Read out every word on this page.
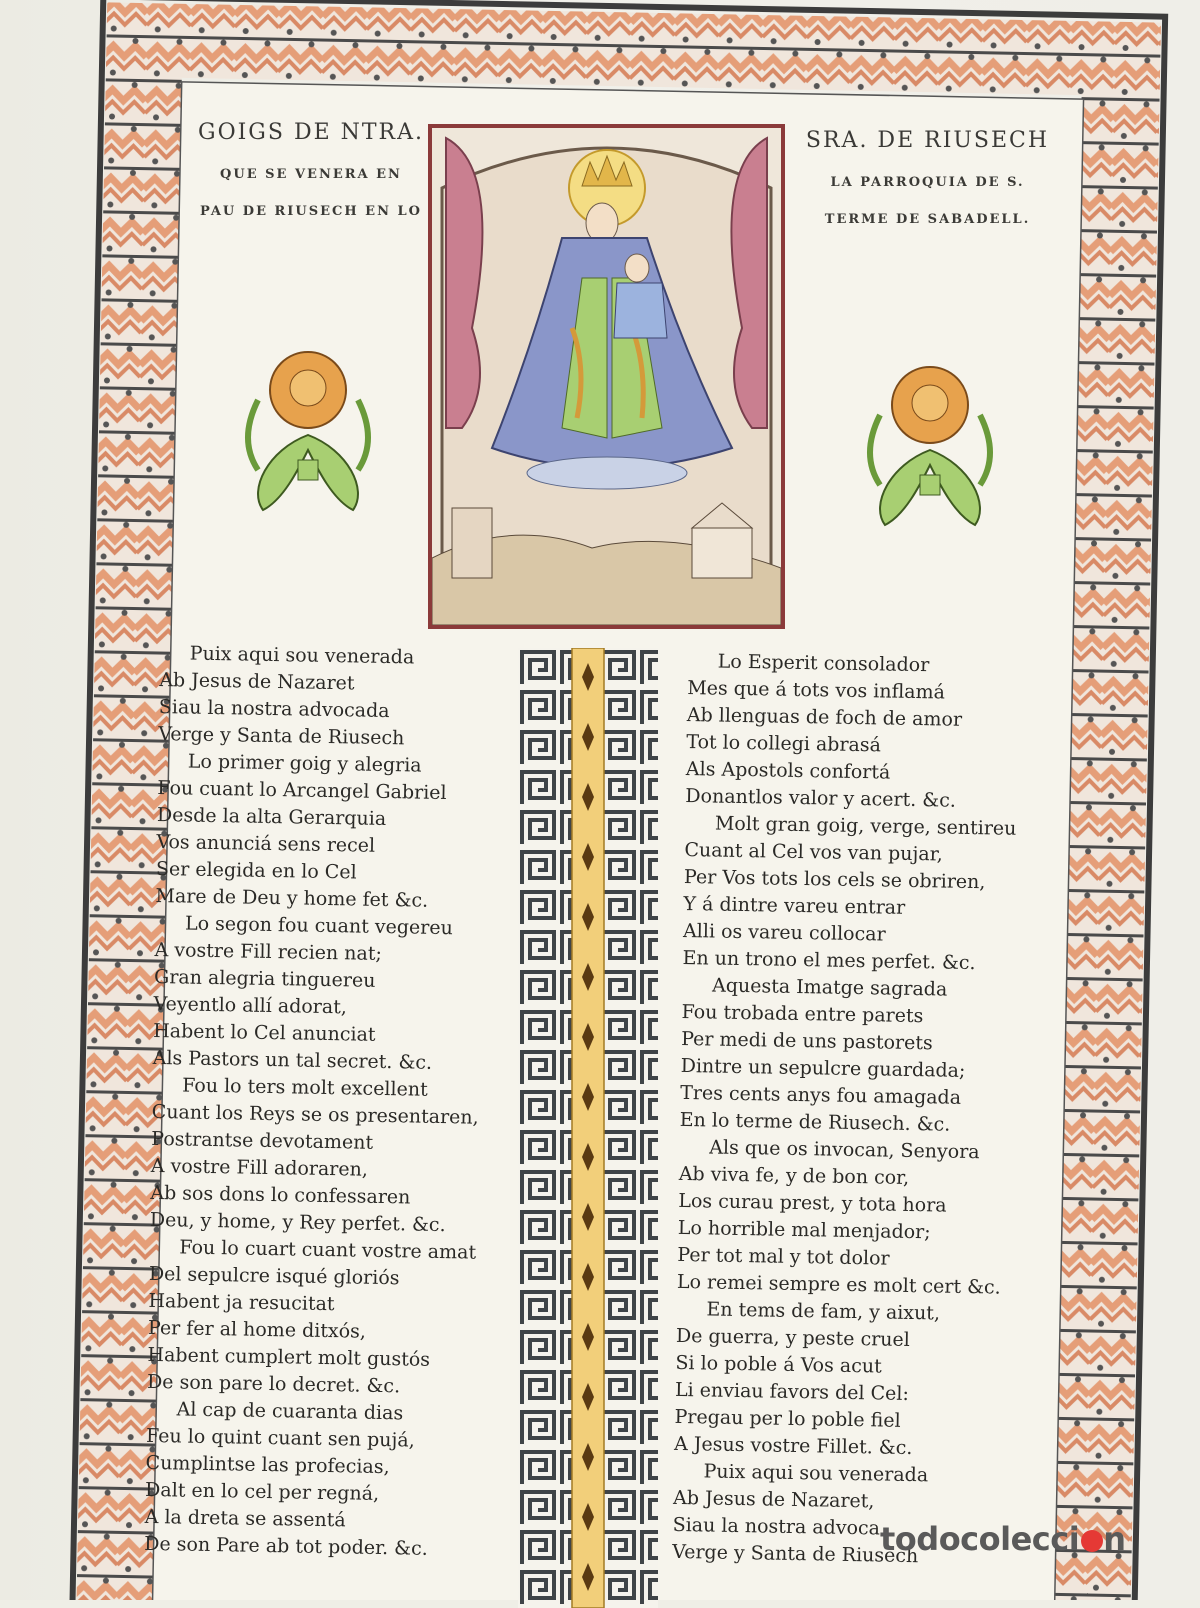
GOIGS DE NTRA.
QUE SE VENERA EN
PAU DE RIUSECH EN LO
SRA. DE RIUSECH
LA PARROQUIA DE S.
TERME DE SABADELL.
Puix aqui sou venerada
Ab Jesus de Nazaret
Siau la nostra advocada
Verge y Santa de Riusech
Lo primer goig y alegria
Fou cuant lo Arcangel Gabriel
Desde la alta Gerarquia
Vos anunciá sens recel
Ser elegida en lo Cel
Mare de Deu y home fet &c.
Lo segon fou cuant vegereu
A vostre Fill recien nat;
Gran alegria tinguereu
Veyentlo allí adorat,
Habent lo Cel anunciat
Als Pastors un tal secret. &c.
Fou lo ters molt excellent
Cuant los Reys se os presentaren,
Postrantse devotament
A vostre Fill adoraren,
Ab sos dons lo confessaren
Deu, y home, y Rey perfet. &c.
Fou lo cuart cuant vostre amat
Del sepulcre isqué gloriós
Habent ja resucitat
Per fer al home ditxós,
Habent cumplert molt gustós
De son pare lo decret. &c.
Al cap de cuaranta dias
Feu lo quint cuant sen pujá,
Cumplintse las profecias,
Dalt en lo cel per regná,
A la dreta se assentá
De son Pare ab tot poder. &c.
Lo Esperit consolador
Mes que á tots vos inflamá
Ab llenguas de foch de amor
Tot lo collegi abrasá
Als Apostols confortá
Donantlos valor y acert. &c.
Molt gran goig, verge, sentireu
Cuant al Cel vos van pujar,
Per Vos tots los cels se obriren,
Y á dintre vareu entrar
Alli os vareu collocar
En un trono el mes perfet. &c.
Aquesta Imatge sagrada
Fou trobada entre parets
Per medi de uns pastorets
Dintre un sepulcre guardada;
Tres cents anys fou amagada
En lo terme de Riusech. &c.
Als que os invocan, Senyora
Ab viva fe, y de bon cor,
Los curau prest, y tota hora
Lo horrible mal menjador;
Per tot mal y tot dolor
Lo remei sempre es molt cert &c.
En tems de fam, y aixut,
De guerra, y peste cruel
Si lo poble á Vos acut
Li enviau favors del Cel:
Pregau per lo poble fiel
A Jesus vostre Fillet. &c.
Puix aqui sou venerada
Ab Jesus de Nazaret,
Siau la nostra advoca
Verge y Santa de Riusech
todocolecci n
